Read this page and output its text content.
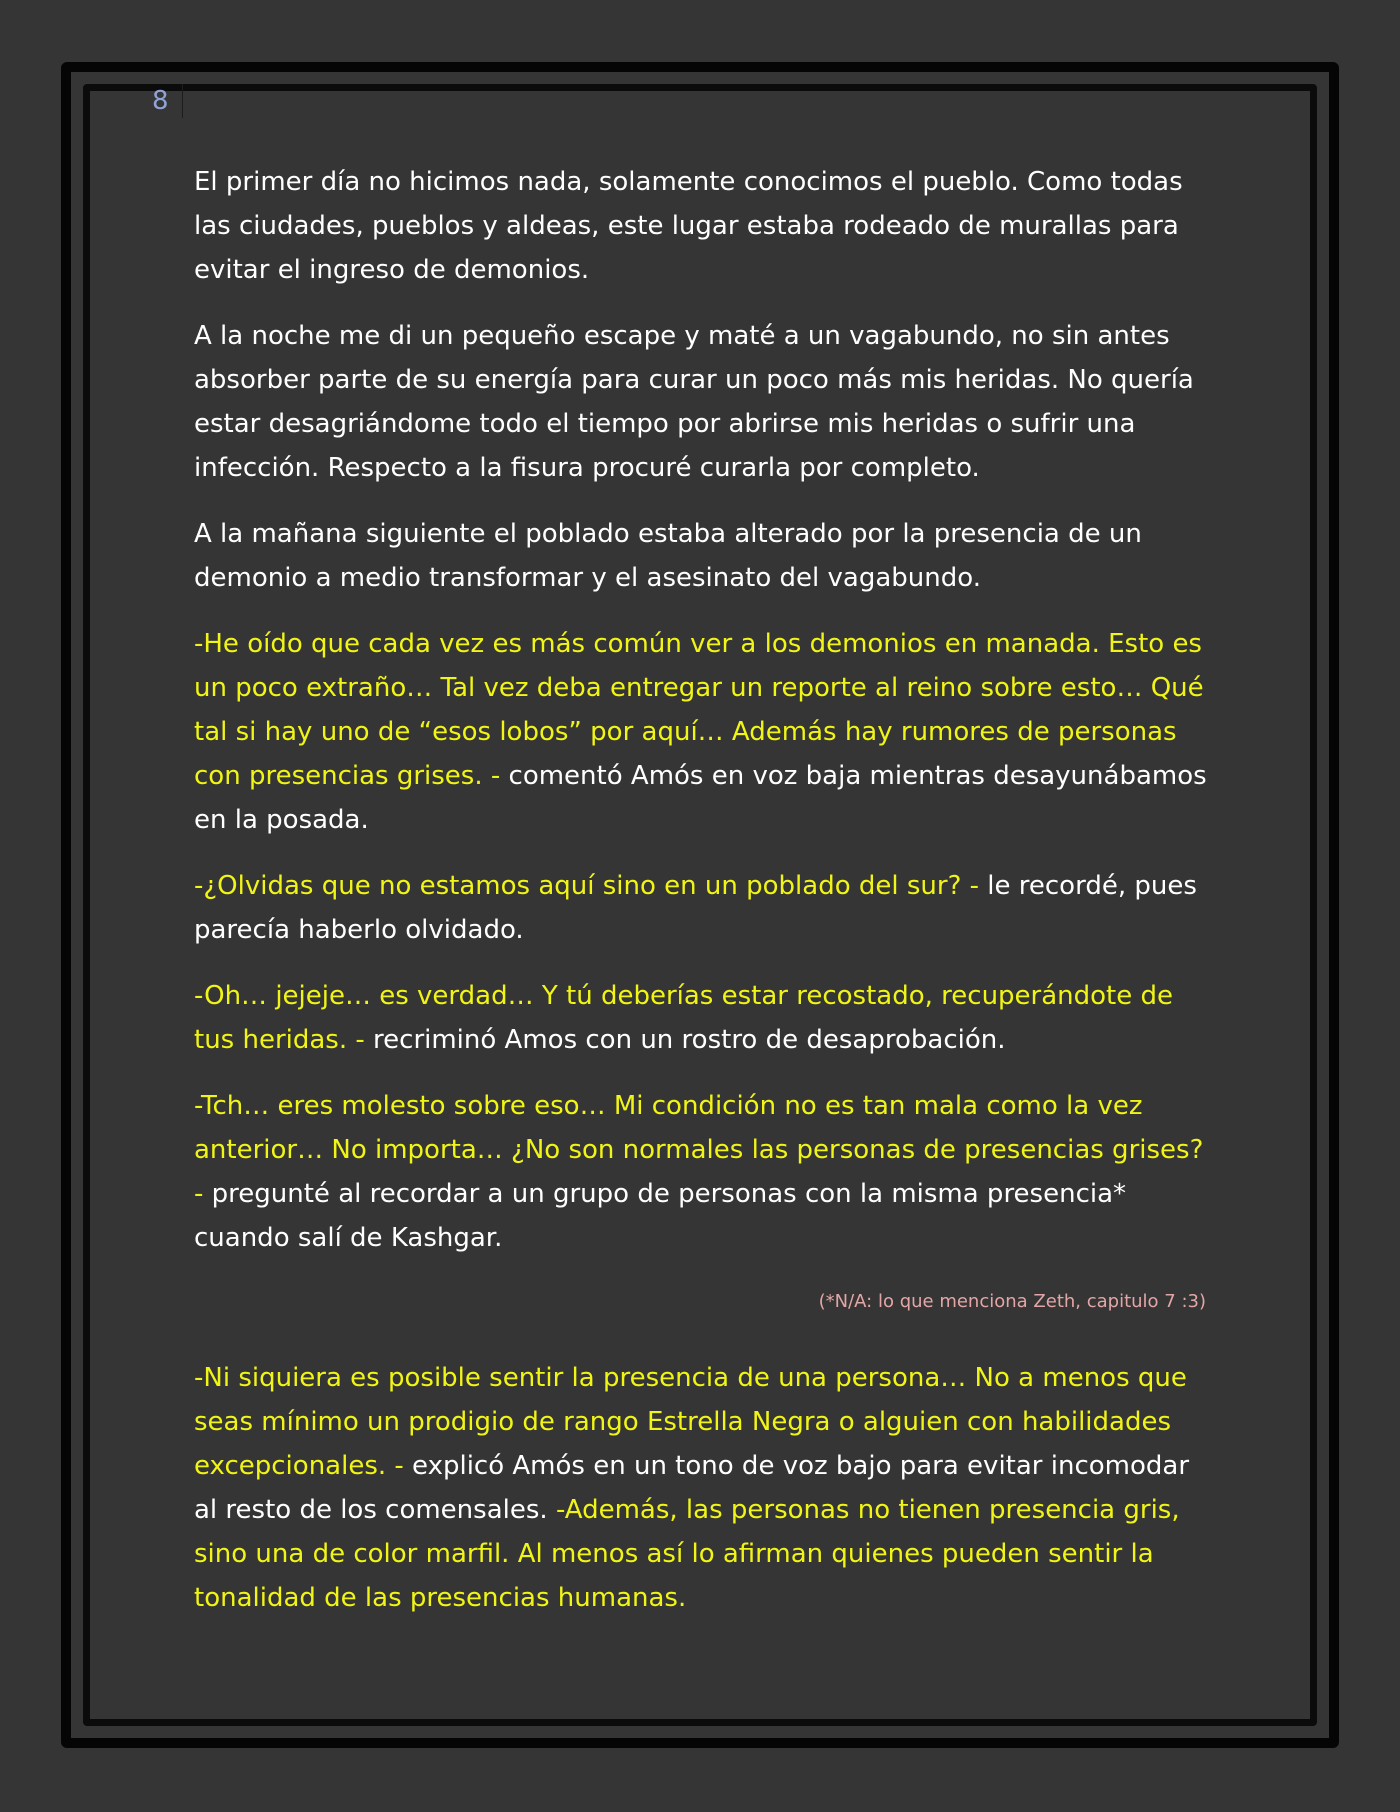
8

El primer día no hicimos nada, solamente conocimos el pueblo. Como todas las ciudades, pueblos y aldeas, este lugar estaba rodeado de murallas para evitar el ingreso de demonios.

A la noche me di un pequeño escape y maté a un vagabundo, no sin antes absorber parte de su energía para curar un poco más mis heridas. No quería estar desagriándome todo el tiempo por abrirse mis heridas o sufrir una infección. Respecto a la fisura procuré curarla por completo.

A la mañana siguiente el poblado estaba alterado por la presencia de un demonio a medio transformar y el asesinato del vagabundo.

-He oído que cada vez es más común ver a los demonios en manada. Esto es un poco extraño… Tal vez deba entregar un reporte al reino sobre esto… Qué tal si hay uno de “esos lobos” por aquí… Además hay rumores de personas con presencias grises. - comentó Amós en voz baja mientras desayunábamos en la posada.

-¿Olvidas que no estamos aquí sino en un poblado del sur? - le recordé, pues parecía haberlo olvidado.

-Oh… jejeje… es verdad… Y tú deberías estar recostado, recuperándote de tus heridas. - recriminó Amos con un rostro de desaprobación.

-Tch… eres molesto sobre eso… Mi condición no es tan mala como la vez anterior… No importa… ¿No son normales las personas de presencias grises? - pregunté al recordar a un grupo de personas con la misma presencia* cuando salí de Kashgar.

(*N/A: lo que menciona Zeth, capitulo 7 :3)

-Ni siquiera es posible sentir la presencia de una persona… No a menos que seas mínimo un prodigio de rango Estrella Negra o alguien con habilidades excepcionales. - explicó Amós en un tono de voz bajo para evitar incomodar al resto de los comensales. -Además, las personas no tienen presencia gris, sino una de color marfil. Al menos así lo afirman quienes pueden sentir la tonalidad de las presencias humanas.
